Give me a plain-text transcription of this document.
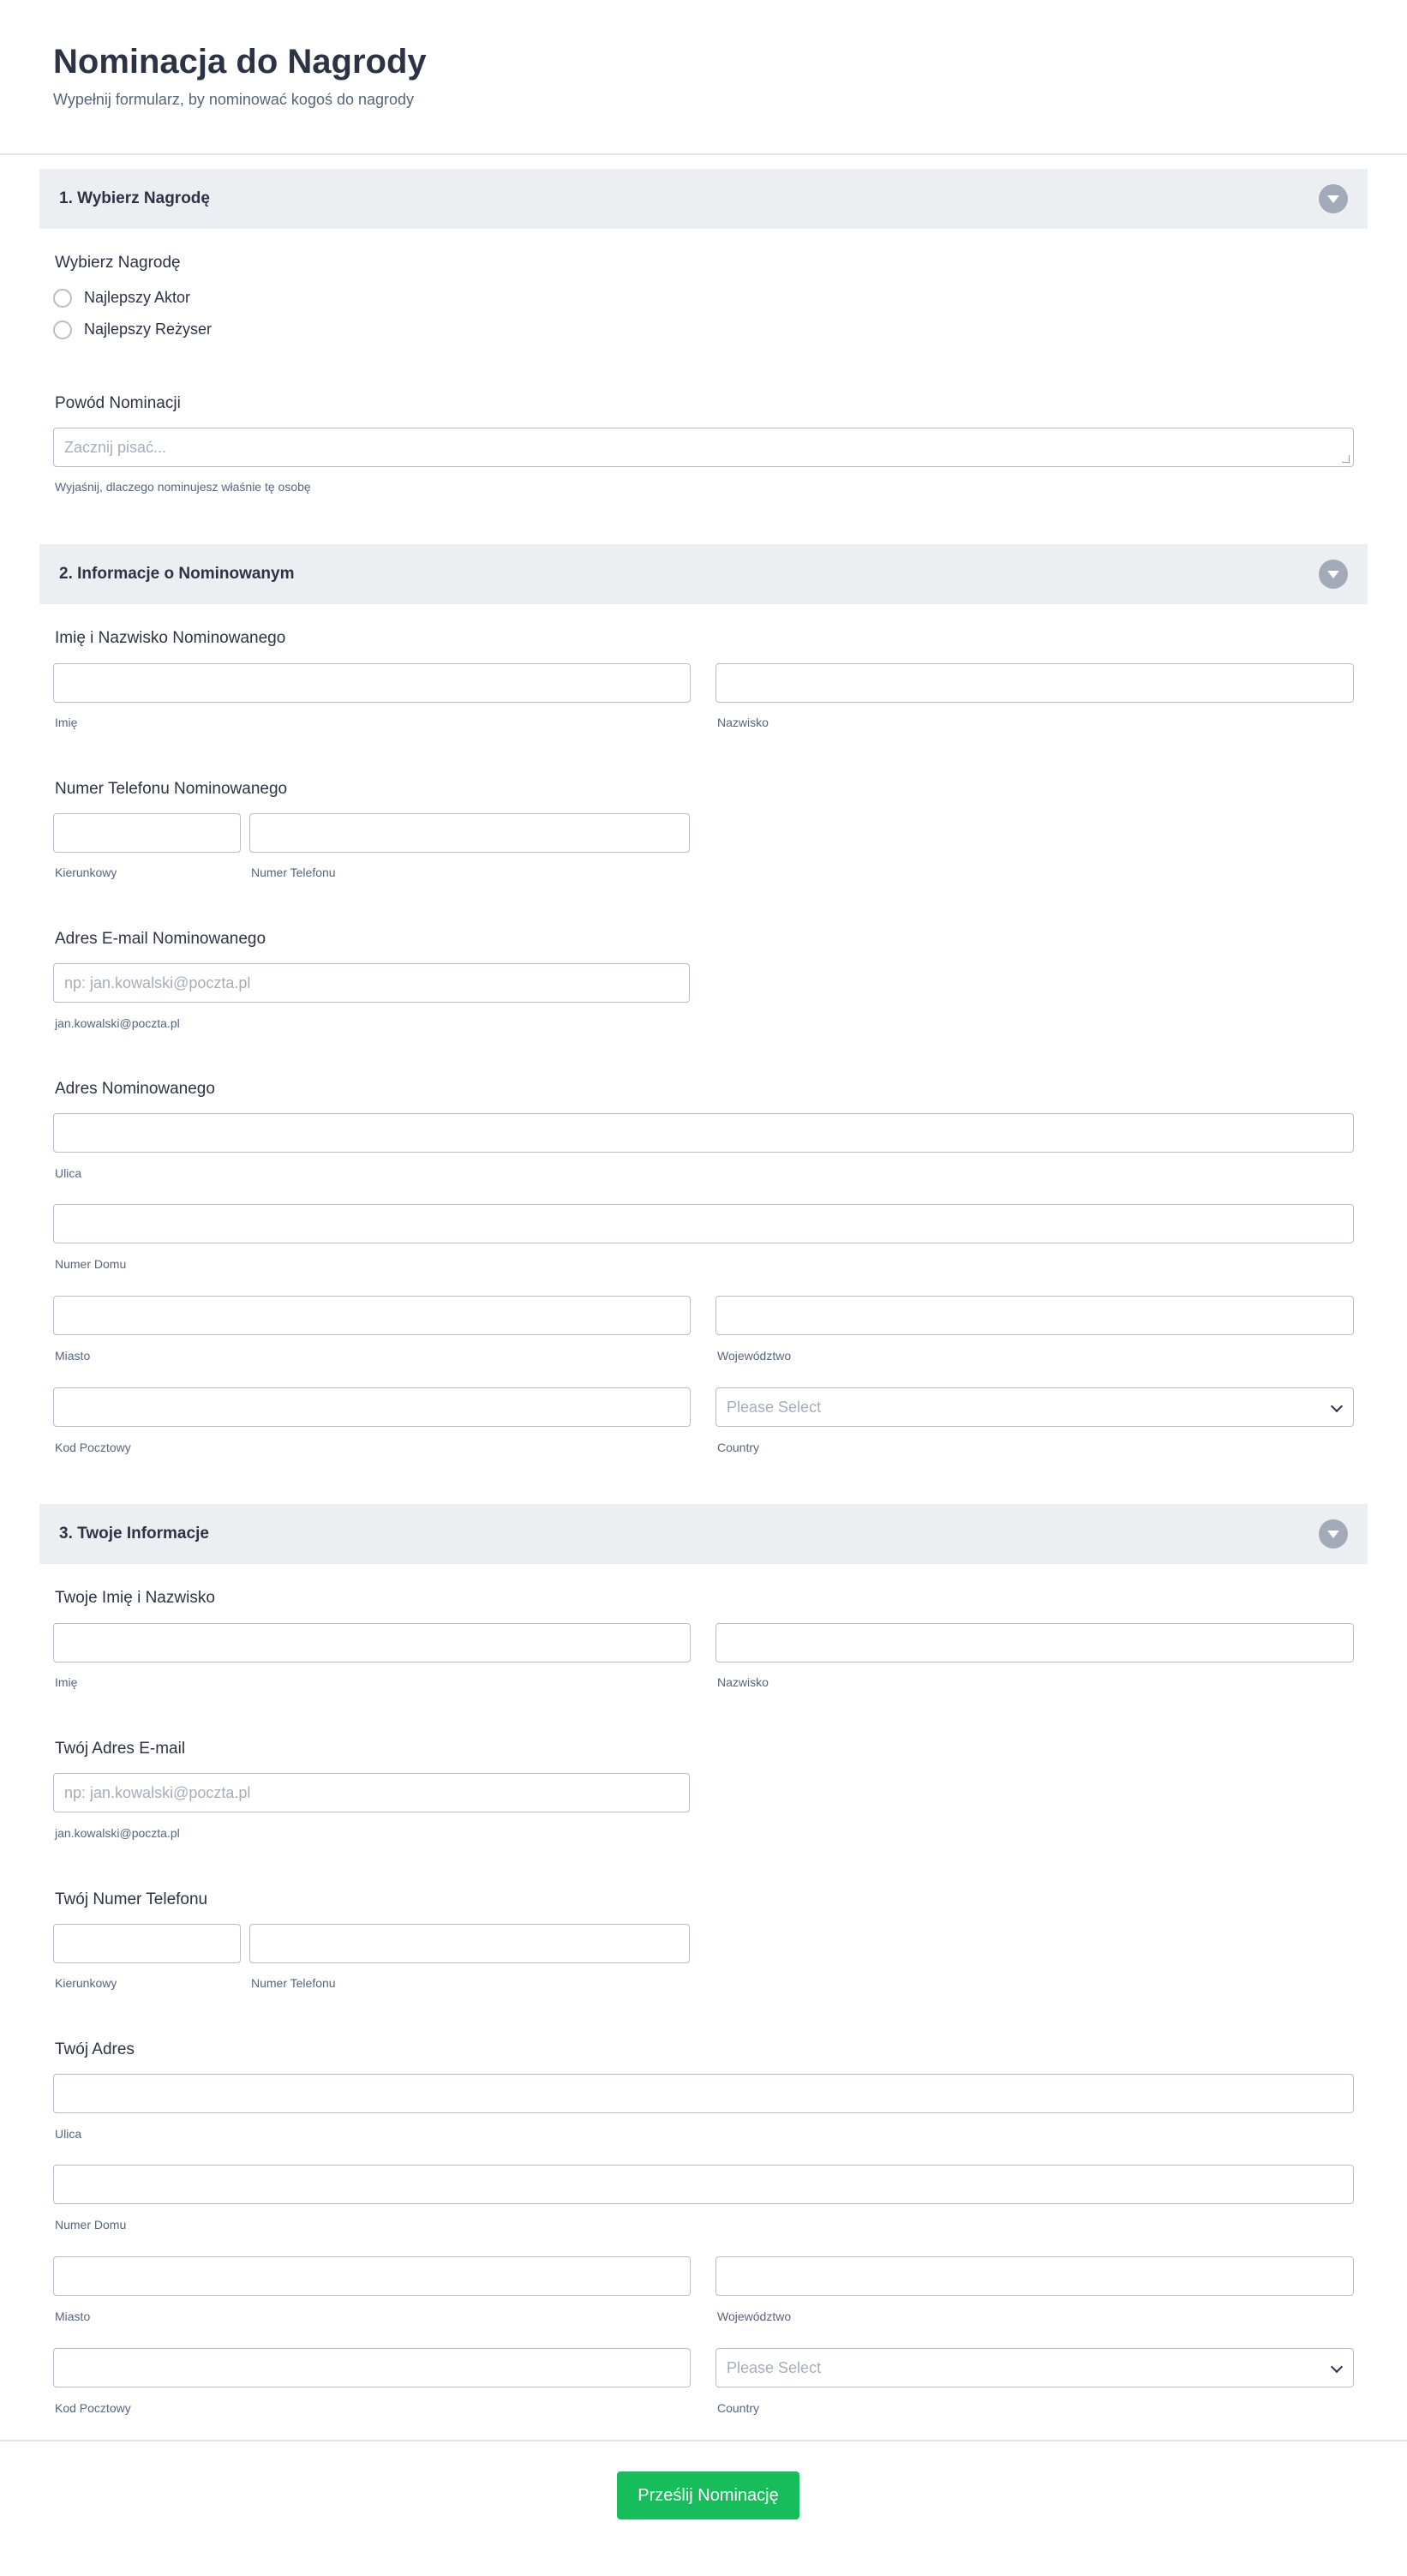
Nominacja do Nagrody
Wypełnij formularz, by nominować kogoś do nagrody
1. Wybierz Nagrodę
Wybierz Nagrodę
Najlepszy Aktor
Najlepszy Reżyser
Powód Nominacji
Zacznij pisać...
Wyjaśnij, dlaczego nominujesz właśnie tę osobę
2. Informacje o Nominowanym
Imię i Nazwisko Nominowanego
Imię	Nazwisko
Numer Telefonu Nominowanego
Kierunkowy	Numer Telefonu
Adres E-mail Nominowanego
np: jan.kowalski@poczta.pl
jan.kowalski@poczta.pl
Adres Nominowanego
Ulica
Numer Domu
Miasto	Województwo
Please Select
Kod Pocztowy	Country
3. Twoje Informacje
Twoje Imię i Nazwisko
Imię	Nazwisko
Twój Adres E-mail
np: jan.kowalski@poczta.pl
jan.kowalski@poczta.pl
Twój Numer Telefonu
Kierunkowy	Numer Telefonu
Twój Adres
Ulica
Numer Domu
Miasto	Województwo
Please Select
Kod Pocztowy	Country
Prześlij Nominację
